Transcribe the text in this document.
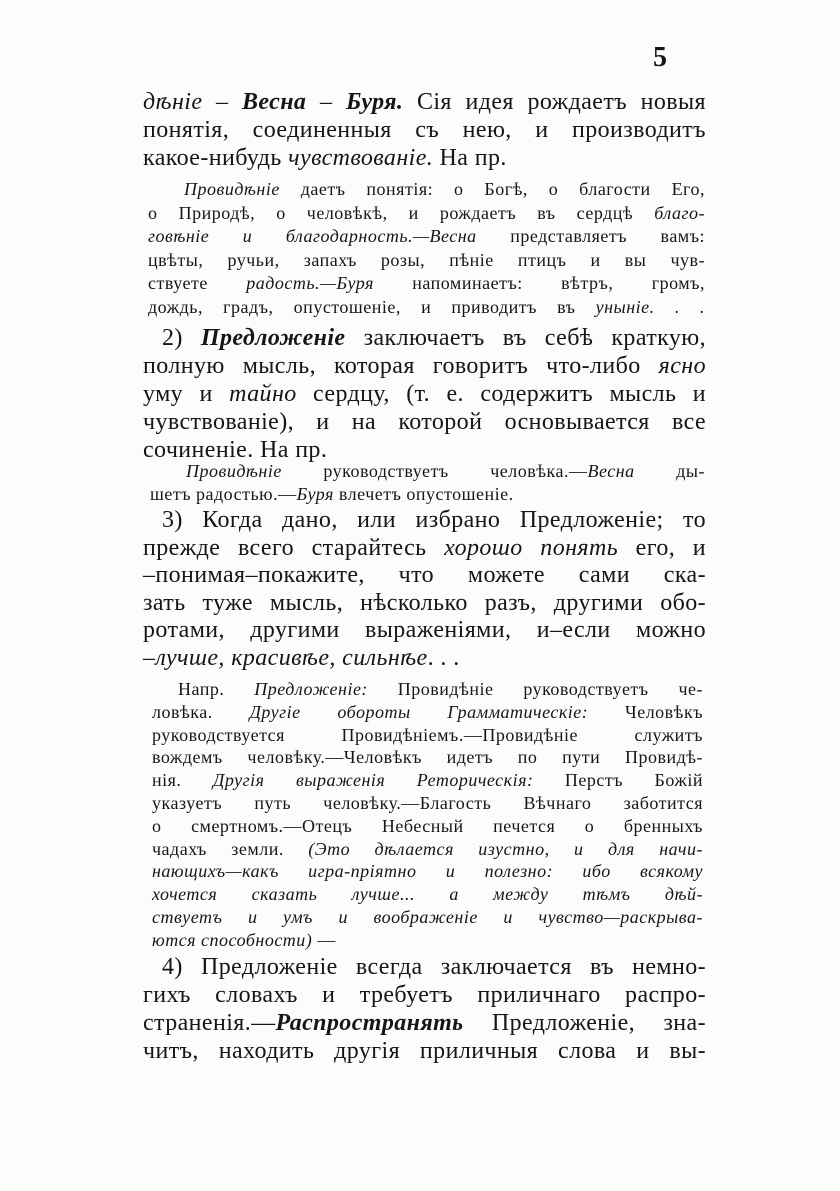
5
дѣніе – Весна – Буря. Сія идея рождаетъ новыя
понятія, соединенныя съ нею, и производитъ
какое-нибудь чувствованіе. На пр.
Провидѣніе даетъ понятія: о Богѣ, о благости Его,
о Природѣ, о человѣкѣ, и рождаетъ въ сердцѣ благо-
говѣніе и благодарность.—Весна представляетъ вамъ:
цвѣты, ручьи, запахъ розы, пѣніе птицъ и вы чув-
ствуете радость.—Буря напоминаетъ: вѣтръ, громъ,
дождь, градъ, опустошеніе, и приводитъ въ уныніе. . .
2) Предложеніе заключаетъ въ себѣ краткую,
полную мысль, которая говоритъ что-либо ясно
уму и тайно сердцу, (т. е. содержитъ мысль и
чувствованіе), и на которой основывается все
сочиненіе. На пр.
Провидѣніе руководствуетъ человѣка.—Весна ды-
шетъ радостью.—Буря влечетъ опустошеніе.
3) Когда дано, или избрано Предложеніе; то
прежде всего старайтесь хорошо понять его, и
–понимая–покажите, что можете сами ска-
зать туже мысль, нѣсколько разъ, другими обо-
ротами, другими выраженіями, и–если можно
–лучше, красивѣе, сильнѣе. . .
Напр. Предложеніе: Провидѣніе руководствуетъ че-
ловѣка. Другіе обороты Грамматическіе: Человѣкъ
руководствуется Провидѣніемъ.—Провидѣніе служитъ
вождемъ человѣку.—Человѣкъ идетъ по пути Провидѣ-
нія. Другія выраженія Реторическія: Перстъ Божій
указуетъ путь человѣку.—Благость Вѣчнаго заботится
о смертномъ.—Отецъ Небесный печется о бренныхъ
чадахъ земли. (Это дѣлается изустно, и для начи-
нающихъ—какъ игра-пріятно и полезно: ибо всякому
хочется сказать лучше... а между тѣмъ дѣй-
ствуетъ и умъ и воображеніе и чувство—раскрыва-
ются способности) —
4) Предложеніе всегда заключается въ немно-
гихъ словахъ и требуетъ приличнаго распро-
страненія.—Распространять Предложеніе, зна-
читъ, находить другія приличныя слова и вы-
